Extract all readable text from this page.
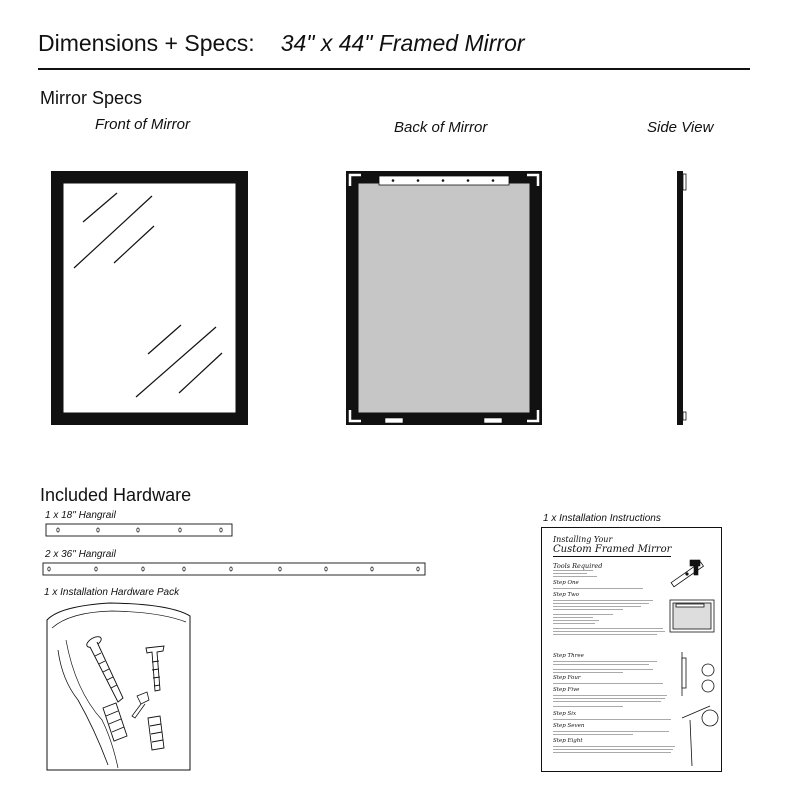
Dimensions + Specs: 34" x 44" Framed Mirror
Mirror Specs
Front of Mirror	Back of Mirror	Side View
Included Hardware
1 x 18" Hangrail
2 x 36" Hangrail
1 x Installation Hardware Pack
1 x Installation Instructions
Installing Your
Custom Framed Mirror
Tools Required
Step One
Step Two
Step Three
Step Four
Step Five
Step Six
Step Seven
Step Eight
